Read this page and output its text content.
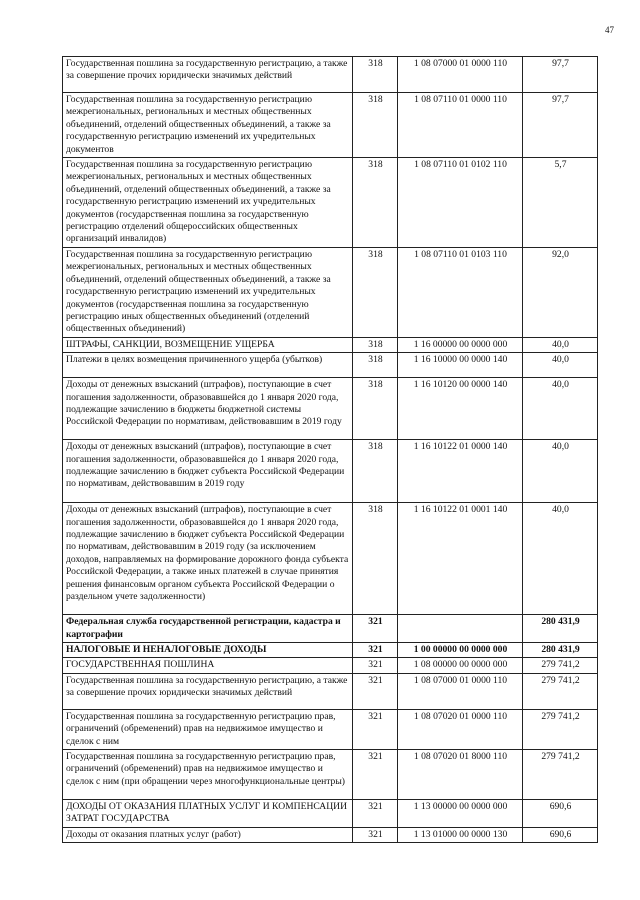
47
Государственная пошлина за государственную регистрацию, а также за совершение прочих юридически значимых действий	318	1 08 07000 01 0000 110	97,7
Государственная пошлина за государственную регистрацию межрегиональных, региональных и местных общественных объединений, отделений общественных объединений, а также за государственную регистрацию изменений их учредительных документов	318	1 08 07110 01 0000 110	97,7
Государственная пошлина за государственную регистрацию межрегиональных, региональных и местных общественных объединений, отделений общественных объединений, а также за государственную регистрацию изменений их учредительных документов (государственная пошлина за государственную регистрацию отделений общероссийских общественных организаций инвалидов)	318	1 08 07110 01 0102 110	5,7
Государственная пошлина за государственную регистрацию межрегиональных, региональных и местных общественных объединений, отделений общественных объединений, а также за государственную регистрацию изменений их учредительных документов (государственная пошлина за государственную регистрацию иных общественных объединений (отделений общественных объединений)	318	1 08 07110 01 0103 110	92,0
ШТРАФЫ, САНКЦИИ, ВОЗМЕЩЕНИЕ УЩЕРБА	318	1 16 00000 00 0000 000	40,0
Платежи в целях возмещения причиненного ущерба (убытков)	318	1 16 10000 00 0000 140	40,0
Доходы от денежных взысканий (штрафов), поступающие в счет погашения задолженности, образовавшейся до 1 января 2020 года, подлежащие зачислению в бюджеты бюджетной системы Российской Федерации по нормативам, действовавшим в 2019 году	318	1 16 10120 00 0000 140	40,0
Доходы от денежных взысканий (штрафов), поступающие в счет погашения задолженности, образовавшейся до 1 января 2020 года, подлежащие зачислению в бюджет субъекта Российской Федерации по нормативам, действовавшим в 2019 году	318	1 16 10122 01 0000 140	40,0
Доходы от денежных взысканий (штрафов), поступающие в счет погашения задолженности, образовавшейся до 1 января 2020 года, подлежащие зачислению в бюджет субъекта Российской Федерации по нормативам, действовавшим в 2019 году (за исключением доходов, направляемых на формирование дорожного фонда субъекта Российской Федерации, а также иных платежей в случае принятия решения финансовым органом субъекта Российской Федерации о раздельном учете задолженности)	318	1 16 10122 01 0001 140	40,0
Федеральная служба государственной регистрации, кадастра и картографии	321		280 431,9
НАЛОГОВЫЕ И НЕНАЛОГОВЫЕ ДОХОДЫ	321	1 00 00000 00 0000 000	280 431,9
ГОСУДАРСТВЕННАЯ ПОШЛИНА	321	1 08 00000 00 0000 000	279 741,2
Государственная пошлина за государственную регистрацию, а также за совершение прочих юридически значимых действий	321	1 08 07000 01 0000 110	279 741,2
Государственная пошлина за государственную регистрацию прав, ограничений (обременений) прав на недвижимое имущество и сделок с ним	321	1 08 07020 01 0000 110	279 741,2
Государственная пошлина за государственную регистрацию прав, ограничений (обременений) прав на недвижимое имущество и сделок с ним (при обращении через многофункциональные центры)	321	1 08 07020 01 8000 110	279 741,2
ДОХОДЫ ОТ ОКАЗАНИЯ ПЛАТНЫХ УСЛУГ И КОМПЕНСАЦИИ ЗАТРАТ ГОСУДАРСТВА	321	1 13 00000 00 0000 000	690,6
Доходы от оказания платных услуг (работ)	321	1 13 01000 00 0000 130	690,6
